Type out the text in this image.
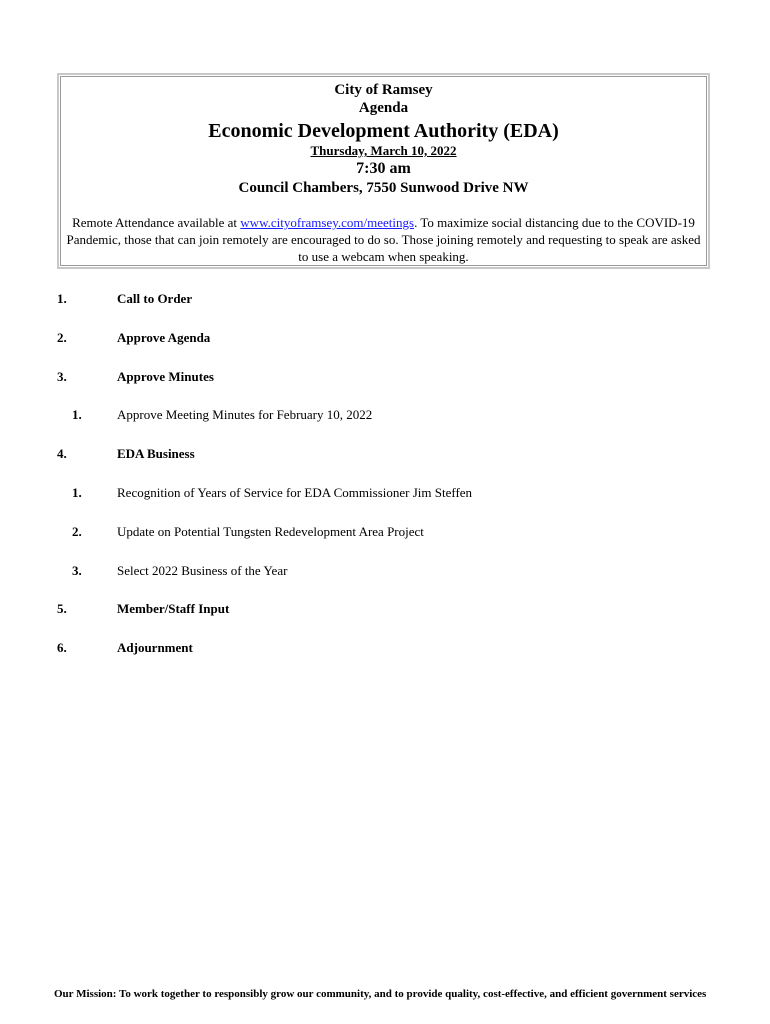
City of Ramsey
Agenda
Economic Development Authority (EDA)
Thursday, March 10, 2022
7:30 am
Council Chambers, 7550 Sunwood Drive NW
Remote Attendance available at www.cityoframsey.com/meetings. To maximize social distancing due to the COVID-19 Pandemic, those that can join remotely are encouraged to do so. Those joining remotely and requesting to speak are asked to use a webcam when speaking.
1.	Call to Order
2.	Approve Agenda
3.	Approve Minutes
1.	Approve Meeting Minutes for February 10, 2022
4.	EDA Business
1.	Recognition of Years of Service for EDA Commissioner Jim Steffen
2.	Update on Potential Tungsten Redevelopment Area Project
3.	Select 2022 Business of the Year
5.	Member/Staff Input
6.	Adjournment
Our Mission: To work together to responsibly grow our community, and to provide quality, cost-effective, and efficient government services
